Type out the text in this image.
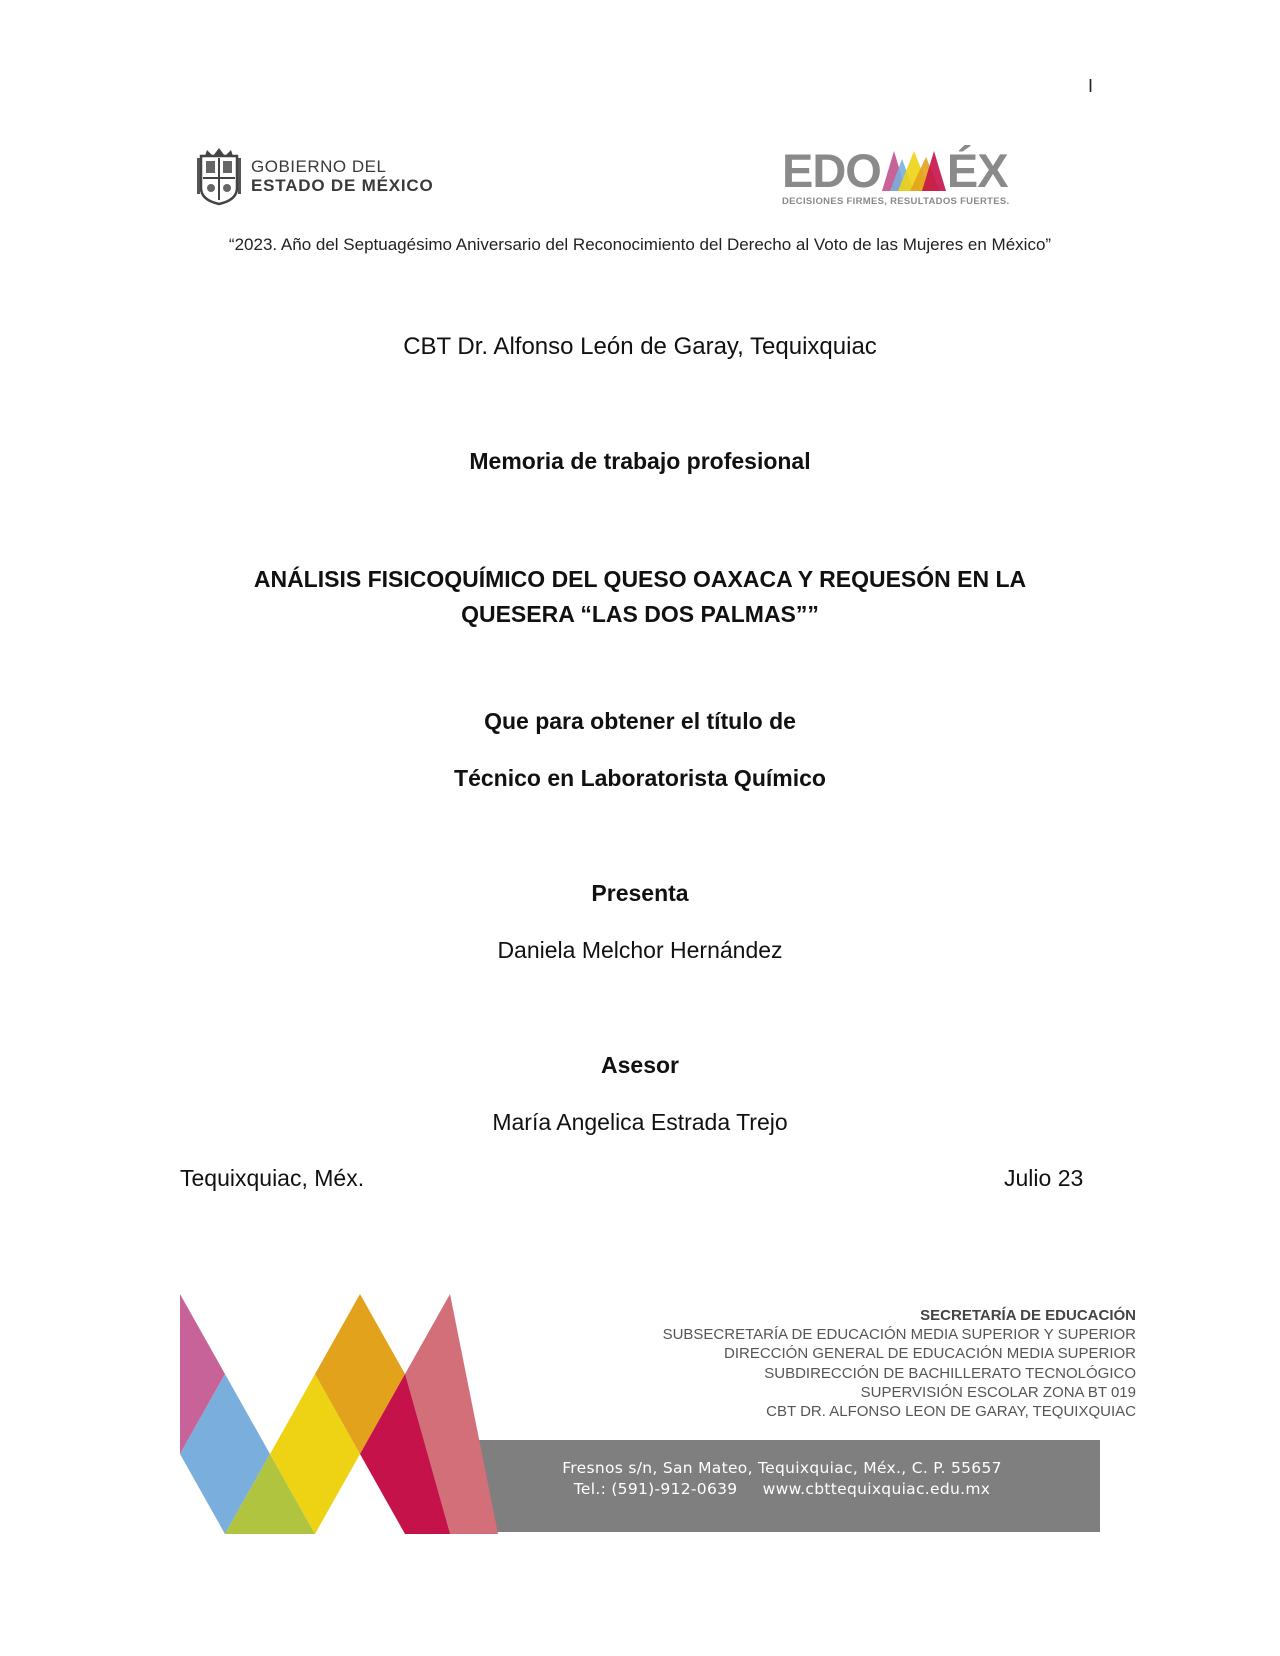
I
GOBIERNO DEL
ESTADO DE MÉXICO	EDO ÉX
DECISIONES FIRMES, RESULTADOS FUERTES.
“2023. Año del Septuagésimo Aniversario del Reconocimiento del Derecho al Voto de las Mujeres en México”
CBT Dr. Alfonso León de Garay, Tequixquiac
Memoria de trabajo profesional
ANÁLISIS FISICOQUÍMICO DEL QUESO OAXACA Y REQUESÓN EN LA
QUESERA “LAS DOS PALMAS””
Que para obtener el título de
Técnico en Laboratorista Químico
Presenta
Daniela Melchor Hernández
Asesor
María Angelica Estrada Trejo
Tequixquiac, Méx.	Julio 23
SECRETARÍA DE EDUCACIÓN
SUBSECRETARÍA DE EDUCACIÓN MEDIA SUPERIOR Y SUPERIOR
DIRECCIÓN GENERAL DE EDUCACIÓN MEDIA SUPERIOR
SUBDIRECCIÓN DE BACHILLERATO TECNOLÓGICO
SUPERVISIÓN ESCOLAR ZONA BT 019
CBT DR. ALFONSO LEON DE GARAY, TEQUIXQUIAC
Fresnos s/n, San Mateo, Tequixquiac, Méx., C. P. 55657
Tel.: (591)-912-0639 www.cbttequixquiac.edu.mx
